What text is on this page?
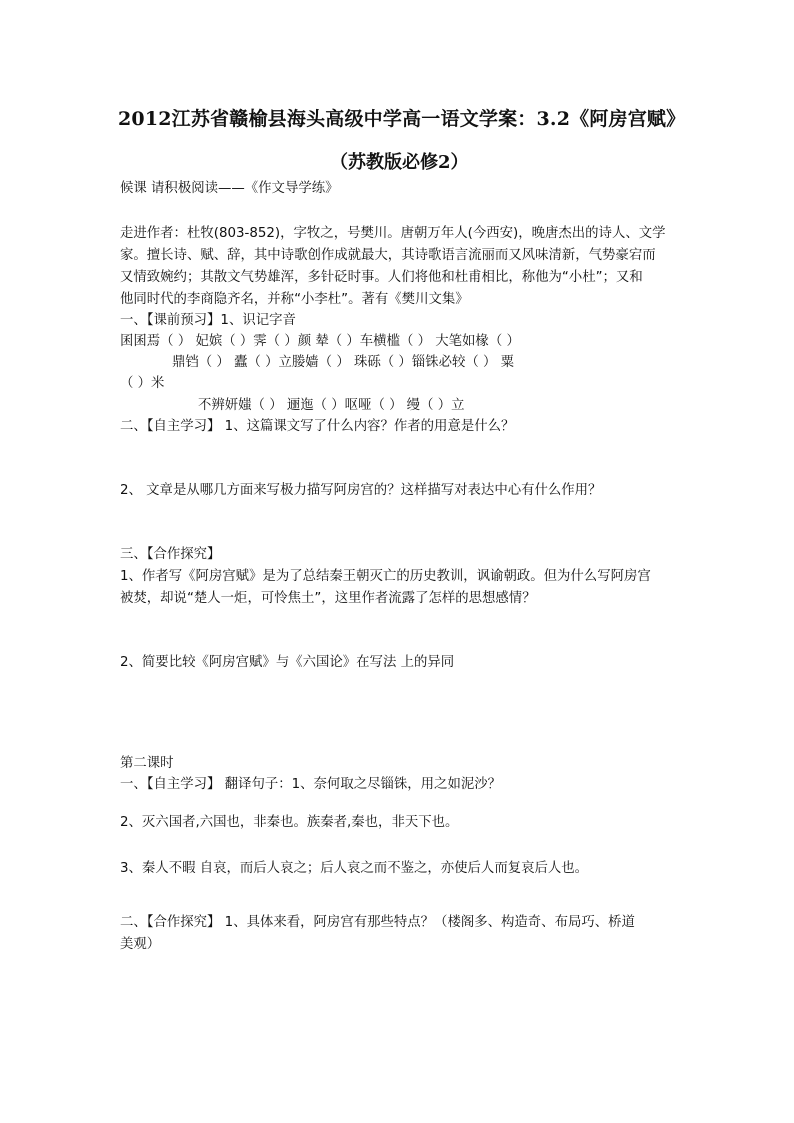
2012江苏省赣榆县海头高级中学高一语文学案：3.2《阿房宫赋》
（苏教版必修2）
候课 请积极阅读——《作文导学练》
走进作者：杜牧(803-852)，字牧之，号樊川。唐朝万年人(今西安)，晚唐杰出的诗人、文学
家。擅长诗、赋、辞，其中诗歌创作成就最大，其诗歌语言流丽而又风味清新，气势豪宕而
又情致婉约；其散文气势雄浑，多针砭时事。人们将他和杜甫相比，称他为“小杜”；又和
他同时代的李商隐齐名，并称“小李杜”。著有《樊川文集》
一、【课前预习】1、识记字音
囷囷焉（ ） 妃嫔（ ）霁（ ）颜 辇（ ）车横槛（ ） 大笔如椽（ ）
鼎铛（ ） 蠹（ ）立媵嫱（ ） 珠砾（ ）锱铢必较（ ） 粟
（ ）米
不辨妍媸（ ） 逦迤（ ）呕哑（ ） 缦（ ）立
二、【自主学习】 1、这篇课文写了什么内容？作者的用意是什么？
2、 文章是从哪几方面来写极力描写阿房宫的？这样描写对表达中心有什么作用？
三、【合作探究】
1、作者写《阿房宫赋》是为了总结秦王朝灭亡的历史教训，讽谕朝政。但为什么写阿房宫
被焚，却说“楚人一炬，可怜焦土”，这里作者流露了怎样的思想感情？
2、简要比较《阿房宫赋》与《六国论》在写法 上的异同
第二课时
一、【自主学习】 翻译句子：1、奈何取之尽锱铢，用之如泥沙？
2、灭六国者,六国也，非秦也。族秦者,秦也，非天下也。
3、秦人不暇 自哀，而后人哀之；后人哀之而不鉴之，亦使后人而复哀后人也。
二、【合作探究】 1、具体来看，阿房宫有那些特点？（楼阁多、构造奇、布局巧、桥道
美观）
